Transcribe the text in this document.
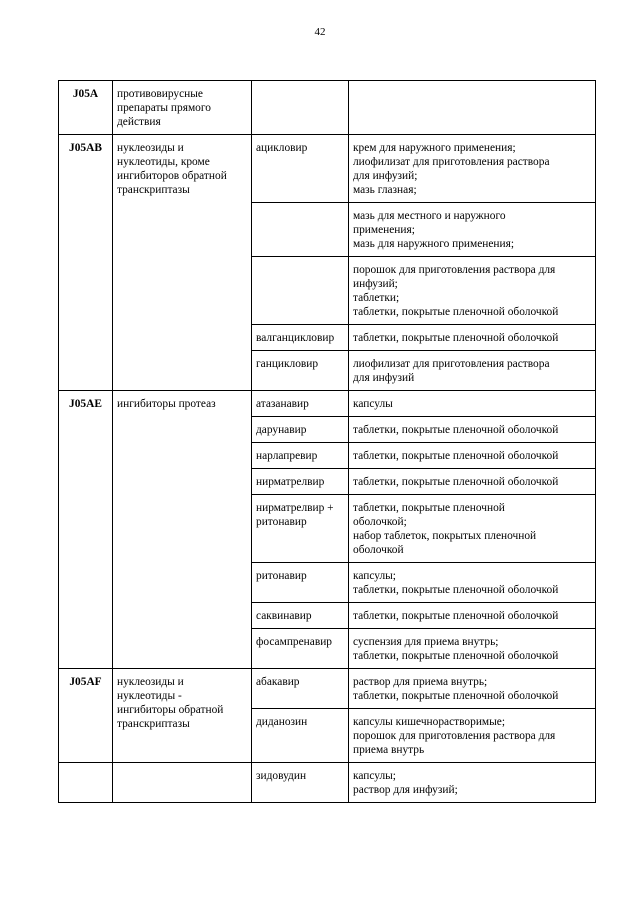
42
J05A	противовирусные
препараты прямого
действия		

J05AB	нуклеозиды и
нуклеотиды, кроме
ингибиторов обратной
транскриптазы	ацикловир	крем для наружного применения;
лиофилизат для приготовления раствора
для инфузий;
мазь глазная;

			мазь для местного и наружного
применения;
мазь для наружного применения;

			порошок для приготовления раствора для
инфузий;
таблетки;
таблетки, покрытые пленочной оболочкой

		валганцикловир	таблетки, покрытые пленочной оболочкой

		ганцикловир	лиофилизат для приготовления раствора
для инфузий

J05AE	ингибиторы протеаз	атазанавир	капсулы

		дарунавир	таблетки, покрытые пленочной оболочкой

		нарлапревир	таблетки, покрытые пленочной оболочкой

		нирматрелвир	таблетки, покрытые пленочной оболочкой

		нирматрелвир +
ритонавир	таблетки, покрытые пленочной
оболочкой;
набор таблеток, покрытых пленочной
оболочкой

		ритонавир	капсулы;
таблетки, покрытые пленочной оболочкой

		саквинавир	таблетки, покрытые пленочной оболочкой

		фосампренавир	суспензия для приема внутрь;
таблетки, покрытые пленочной оболочкой

J05AF	нуклеозиды и
нуклеотиды -
ингибиторы обратной
транскриптазы	абакавир	раствор для приема внутрь;
таблетки, покрытые пленочной оболочкой

		диданозин	капсулы кишечнорастворимые;
порошок для приготовления раствора для
приема внутрь

		зидовудин	капсулы;
раствор для инфузий;
